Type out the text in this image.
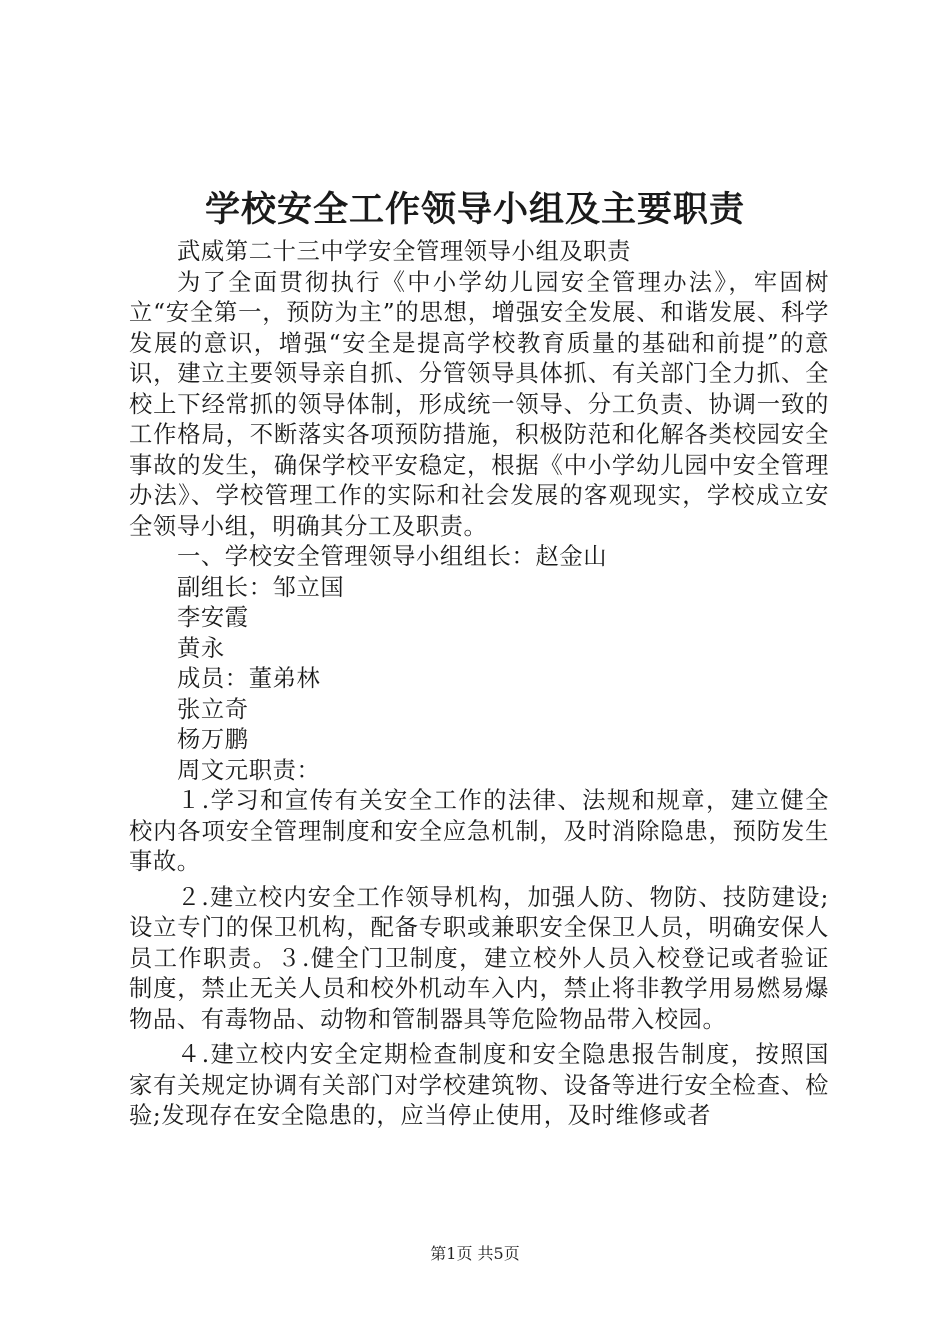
学校安全工作领导小组及主要职责

武威第二十三中学安全管理领导小组及职责

为了全面贯彻执行《中小学幼儿园安全管理办法》，牢固树立“安全第一，预防为主”的思想，增强安全发展、和谐发展、科学发展的意识，增强“安全是提高学校教育质量的基础和前提”的意识，建立主要领导亲自抓、分管领导具体抓、有关部门全力抓、全校上下经常抓的领导体制，形成统一领导、分工负责、协调一致的工作格局，不断落实各项预防措施，积极防范和化解各类校园安全事故的发生，确保学校平安稳定，根据《中小学幼儿园中安全管理办法》、学校管理工作的实际和社会发展的客观现实，学校成立安全领导小组，明确其分工及职责。

一、学校安全管理领导小组组长：赵金山

副组长：邹立国

李安霞

黄永

成员：董弟林

张立奇

杨万鹏

周文元职责：

１.学习和宣传有关安全工作的法律、法规和规章，建立健全校内各项安全管理制度和安全应急机制，及时消除隐患，预防发生事故。

２.建立校内安全工作领导机构，加强人防、物防、技防建设;设立专门的保卫机构，配备专职或兼职安全保卫人员，明确安保人员工作职责。３.健全门卫制度，建立校外人员入校登记或者验证制度，禁止无关人员和校外机动车入内，禁止将非教学用易燃易爆物品、有毒物品、动物和管制器具等危险物品带入校园。

４.建立校内安全定期检查制度和安全隐患报告制度，按照国家有关规定协调有关部门对学校建筑物、设备等进行安全检查、检验;发现存在安全隐患的，应当停止使用，及时维修或者

第1页 共5页
